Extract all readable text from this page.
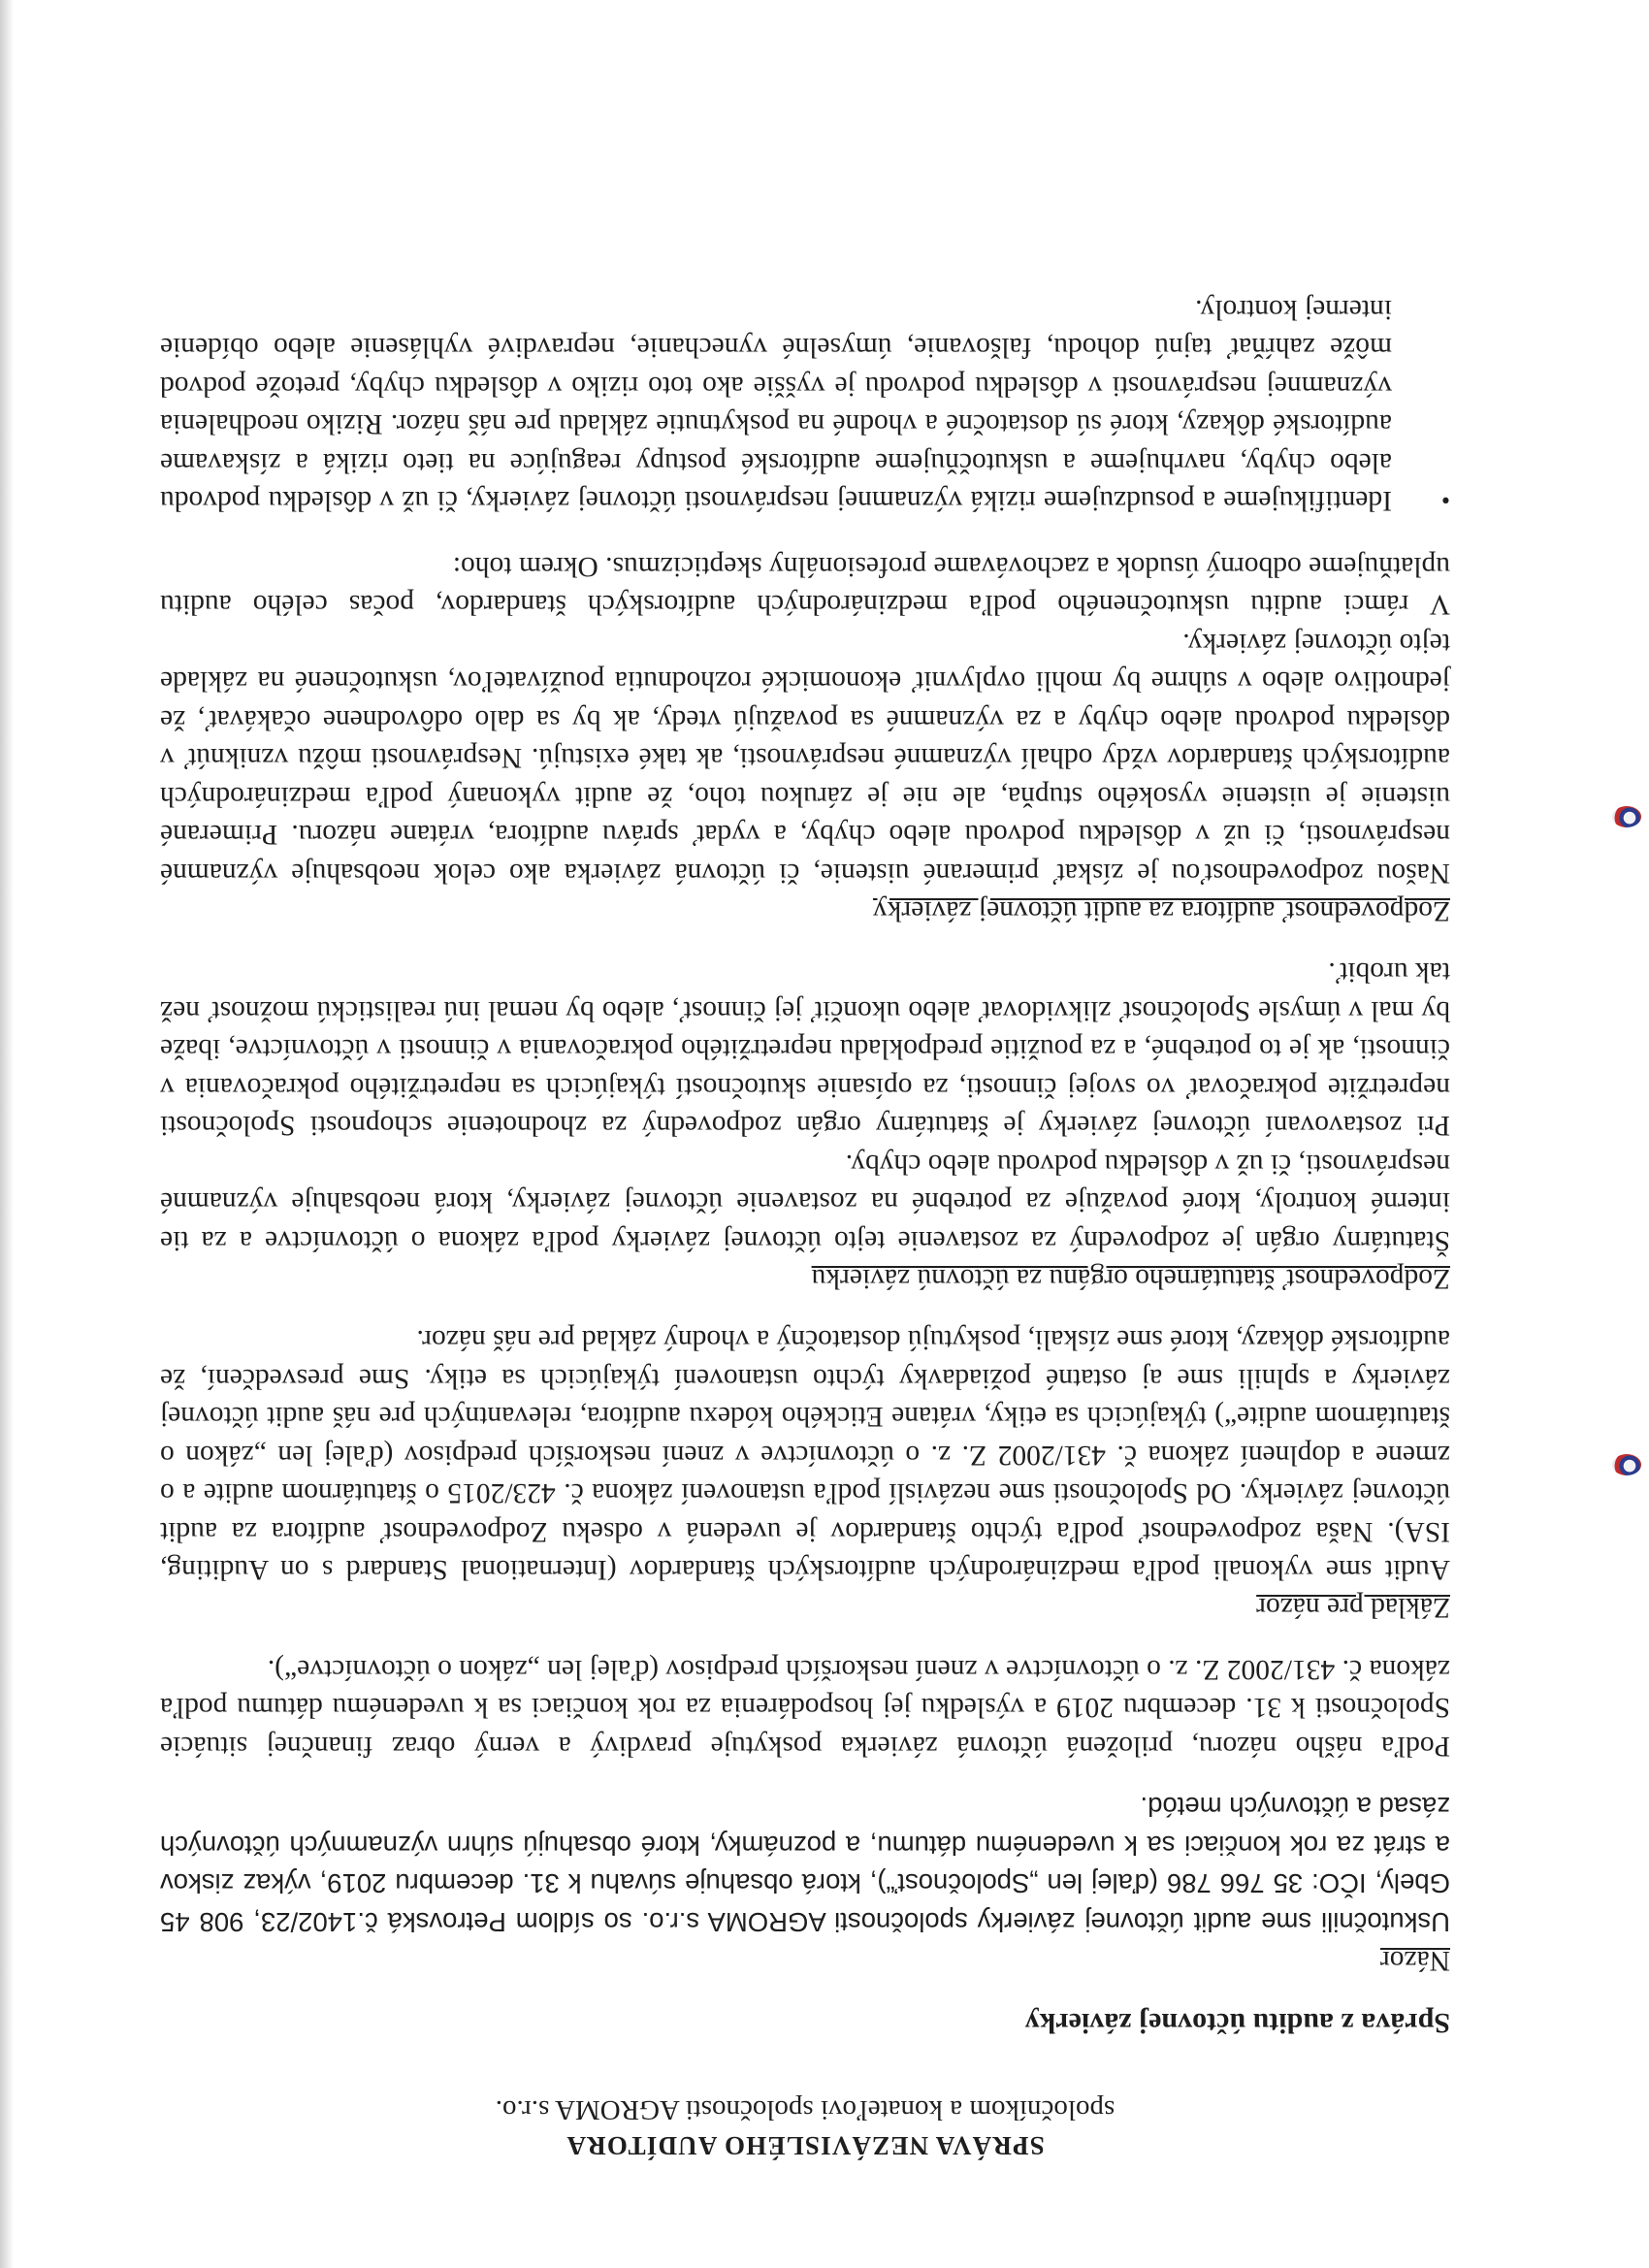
SPRÁVA NEZÁVISLÉHO AUDÍTORA

spoločníkom a konateľovi spoločnosti AGROMA s.r.o.

Správa z auditu účtovnej závierky

Názor

Uskutočnili sme audit účtovnej závierky spoločnosti AGROMA s.r.o. so sídlom Petrovská č.1402/23, 908 45 Gbely, IČO: 35 766 786 (ďalej len „Spoločnosť“), ktorá obsahuje súvahu k 31. decembru 2019, výkaz ziskov a strát za rok končiaci sa k uvedenému dátumu, a poznámky, ktoré obsahujú súhrn významných účtovných zásad a účtovných metód.

Podľa nášho názoru, priložená účtovná závierka poskytuje pravdivý a verný obraz finančnej situácie Spoločnosti k 31. decembru 2019 a výsledku jej hospodárenia za rok končiaci sa k uvedenému dátumu podľa zákona č. 431/2002 Z. z. o účtovníctve v znení neskorších predpisov (ďalej len „zákon o účtovníctve“).

Základ pre názor

Audit sme vykonali podľa medzinárodných audítorských štandardov (International Standard s on Auditing, ISA). Naša zodpovednosť podľa týchto štandardov je uvedená v odseku Zodpovednosť audítora za audit účtovnej závierky. Od Spoločnosti sme nezávislí podľa ustanovení zákona č. 423/2015 o štatutárnom audite a o zmene a doplnení zákona č. 431/2002 Z. z. o účtovníctve v znení neskorších predpisov (ďalej len „zákon o štatutárnom audite“) týkajúcich sa etiky, vrátane Etického kódexu audítora, relevantných pre náš audit účtovnej závierky a splnili sme aj ostatné požiadavky týchto ustanovení týkajúcich sa etiky. Sme presvedčení, že audítorské dôkazy, ktoré sme získali, poskytujú dostatočný a vhodný základ pre náš názor.

Zodpovednosť štatutárneho orgánu za účtovnú závierku

Štatutárny orgán je zodpovedný za zostavenie tejto účtovnej závierky podľa zákona o účtovníctve a za tie interné kontroly, ktoré považuje za potrebné na zostavenie účtovnej závierky, ktorá neobsahuje významné nesprávnosti, či už v dôsledku podvodu alebo chyby.

Pri zostavovaní účtovnej závierky je štatutárny orgán zodpovedný za zhodnotenie schopnosti Spoločnosti nepretržite pokračovať vo svojej činnosti, za opísanie skutočností týkajúcich sa nepretržitého pokračovania v činnosti, ak je to potrebné, a za použitie predpokladu nepretržitého pokračovania v činnosti v účtovníctve, ibaže by mal v úmysle Spoločnosť zlikvidovať alebo ukončiť jej činnosť, alebo by nemal inú realistickú možnosť než tak urobiť.

Zodpovednosť audítora za audit účtovnej závierky

Našou zodpovednosťou je získať primerané uistenie, či účtovná závierka ako celok neobsahuje významné nesprávnosti, či už v dôsledku podvodu alebo chyby, a vydať správu audítora, vrátane názoru. Primerané uistenie je uistenie vysokého stupňa, ale nie je zárukou toho, že audit vykonaný podľa medzinárodných audítorských štandardov vždy odhalí významné nesprávnosti, ak také existujú. Nesprávnosti môžu vzniknúť v dôsledku podvodu alebo chyby a za významné sa považujú vtedy, ak by sa dalo odôvodnene očakávať, že jednotlivo alebo v súhrne by mohli ovplyvniť ekonomické rozhodnutia používateľov, uskutočnené na základe tejto účtovnej závierky.

V rámci auditu uskutočneného podľa medzinárodných audítorských štandardov, počas celého auditu uplatňujeme odborný úsudok a zachovávame profesionálny skepticizmus. Okrem toho:

•

Identifikujeme a posudzujeme riziká významnej nesprávnosti účtovnej závierky, či už v dôsledku podvodu alebo chyby, navrhujeme a uskutočňujeme audítorské postupy reagujúce na tieto riziká a získavame audítorské dôkazy, ktoré sú dostatočné a vhodné na poskytnutie základu pre náš názor. Riziko neodhalenia významnej nesprávnosti v dôsledku podvodu je vyššie ako toto riziko v dôsledku chyby, pretože podvod môže zahŕňať tajnú dohodu, falšovanie, úmyselné vynechanie, nepravdivé vyhlásenie alebo obídenie internej kontroly.
